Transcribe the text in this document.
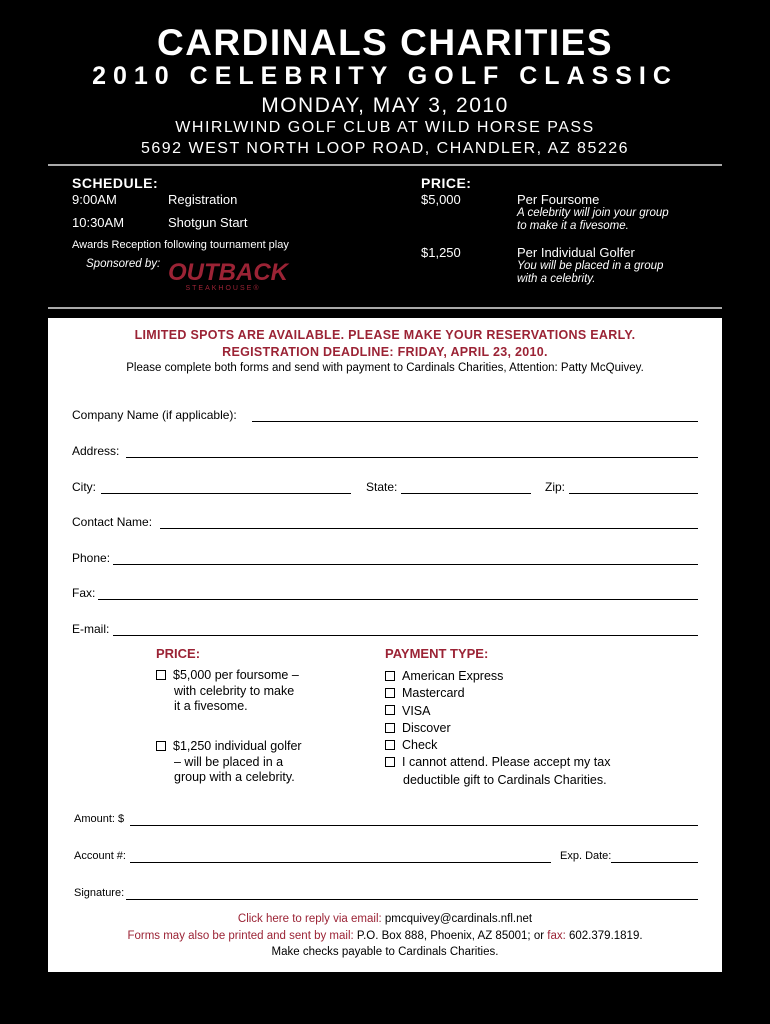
CARDINALS CHARITIES
2010 CELEBRITY GOLF CLASSIC
MONDAY, MAY 3, 2010
WHIRLWIND GOLF CLUB AT WILD HORSE PASS
5692 WEST NORTH LOOP ROAD, CHANDLER, AZ 85226
SCHEDULE:
9:00AM	Registration
10:30AM	Shotgun Start
Awards Reception following tournament play
Sponsored by: OUTBACK
STEAKHOUSE®
PRICE:
$5,000	Per Foursome
A celebrity will join your group
to make it a fivesome.
$1,250	Per Individual Golfer
You will be placed in a group
with a celebrity.
LIMITED SPOTS ARE AVAILABLE. PLEASE MAKE YOUR RESERVATIONS EARLY.
REGISTRATION DEADLINE: FRIDAY, APRIL 23, 2010.
Please complete both forms and send with payment to Cardinals Charities, Attention: Patty McQuivey.
Company Name (if applicable):
Address:
City:	State:	Zip:
Contact Name:
Phone:
Fax:
E-mail:
PRICE:
$5,000 per foursome –
with celebrity to make
it a fivesome.
$1,250 individual golfer
– will be placed in a
group with a celebrity.
PAYMENT TYPE:
American Express
Mastercard
VISA
Discover
Check
I cannot attend. Please accept my tax
deductible gift to Cardinals Charities.
Amount: $
Account #:	Exp. Date:
Signature:
Click here to reply via email: pmcquivey@cardinals.nfl.net
Forms may also be printed and sent by mail: P.O. Box 888, Phoenix, AZ 85001; or fax: 602.379.1819.
Make checks payable to Cardinals Charities.
